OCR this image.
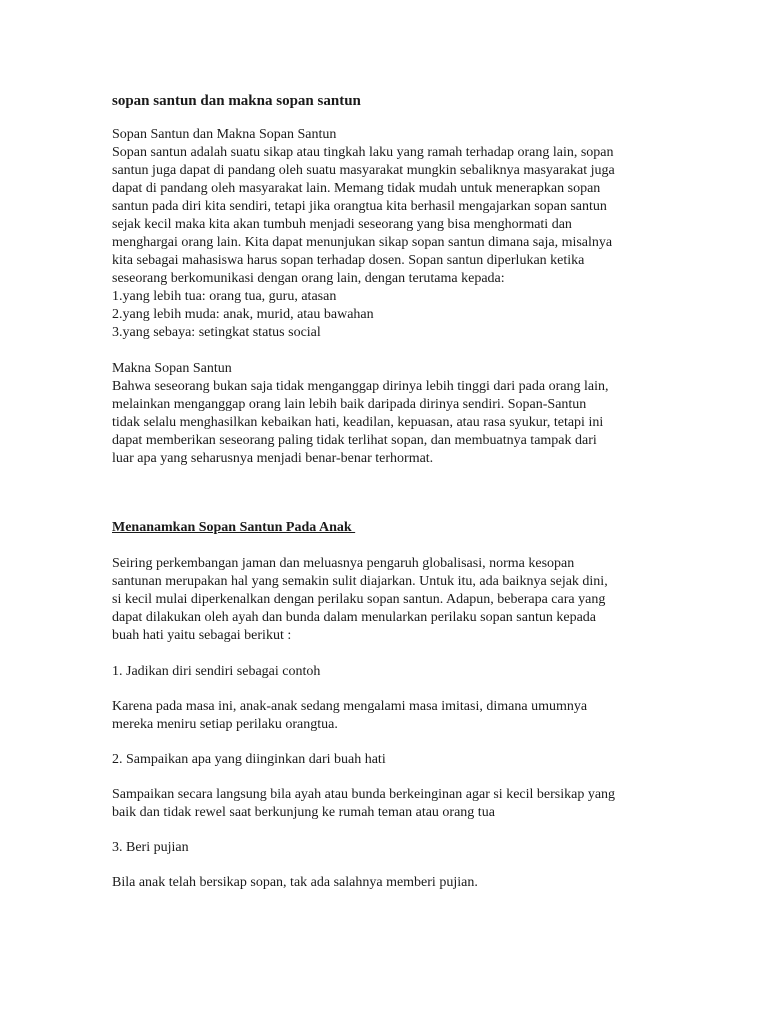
sopan santun dan makna sopan santun
Sopan Santun dan Makna Sopan Santun
Sopan santun adalah suatu sikap atau tingkah laku yang ramah terhadap orang lain, sopan
santun juga dapat di pandang oleh suatu masyarakat mungkin sebaliknya masyarakat juga
dapat di pandang oleh masyarakat lain. Memang tidak mudah untuk menerapkan sopan
santun pada diri kita sendiri, tetapi jika orangtua kita berhasil mengajarkan sopan santun
sejak kecil maka kita akan tumbuh menjadi seseorang yang bisa menghormati dan
menghargai orang lain. Kita dapat menunjukan sikap sopan santun dimana saja, misalnya
kita sebagai mahasiswa harus sopan terhadap dosen. Sopan santun diperlukan ketika
seseorang berkomunikasi dengan orang lain, dengan terutama kepada:
1.yang lebih tua: orang tua, guru, atasan
2.yang lebih muda: anak, murid, atau bawahan
3.yang sebaya: setingkat status social
Makna Sopan Santun
Bahwa seseorang bukan saja tidak menganggap dirinya lebih tinggi dari pada orang lain,
melainkan menganggap orang lain lebih baik daripada dirinya sendiri. Sopan-Santun
tidak selalu menghasilkan kebaikan hati, keadilan, kepuasan, atau rasa syukur, tetapi ini
dapat memberikan seseorang paling tidak terlihat sopan, dan membuatnya tampak dari
luar apa yang seharusnya menjadi benar-benar terhormat.
Menanamkan Sopan Santun Pada Anak
Seiring perkembangan jaman dan meluasnya pengaruh globalisasi, norma kesopan
santunan merupakan hal yang semakin sulit diajarkan. Untuk itu, ada baiknya sejak dini,
si kecil mulai diperkenalkan dengan perilaku sopan santun. Adapun, beberapa cara yang
dapat dilakukan oleh ayah dan bunda dalam menularkan perilaku sopan santun kepada
buah hati yaitu sebagai berikut :
1. Jadikan diri sendiri sebagai contoh
Karena pada masa ini, anak-anak sedang mengalami masa imitasi, dimana umumnya
mereka meniru setiap perilaku orangtua.
2. Sampaikan apa yang diinginkan dari buah hati
Sampaikan secara langsung bila ayah atau bunda berkeinginan agar si kecil bersikap yang
baik dan tidak rewel saat berkunjung ke rumah teman atau orang tua
3. Beri pujian
Bila anak telah bersikap sopan, tak ada salahnya memberi pujian.
